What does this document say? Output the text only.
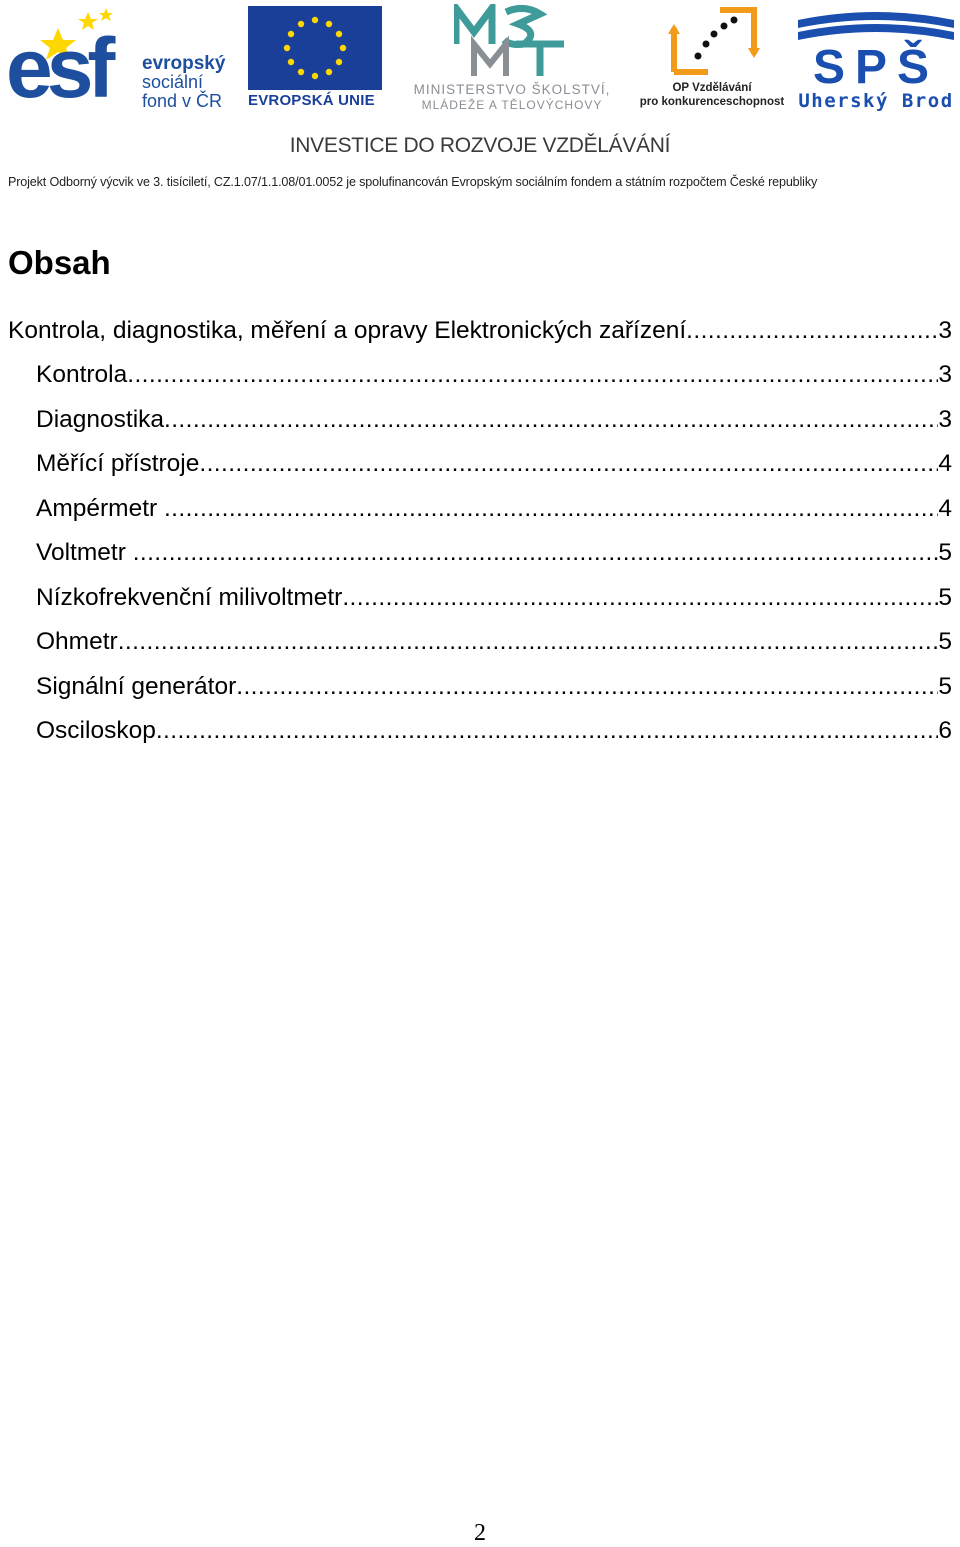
esf evropský
sociální
fond v ČR EVROPSKÁ UNIE
MINISTERSTVO ŠKOLSTVÍ,
MLÁDEŽE A TĚLOVÝCHOVY
OP Vzdělávání
pro konkurenceschopnost
SPŠ
Uherský Brod
INVESTICE DO ROZVOJE VZDĚLÁVÁNÍ
Projekt Odborný výcvik ve 3. tisíciletí, CZ.1.07/1.1.08/01.0052 je spolufinancován Evropským sociálním fondem a státním rozpočtem České republiky
Obsah
Kontrola, diagnostika, měření a opravy Elektronických zařízení .....	3
Kontrola .....	3
Diagnostika .....	3
Měřící přístroje .....	4
Ampérmetr .....	4
Voltmetr .....	5
Nízkofrekvenční milivoltmetr .....	5
Ohmetr .....	5
Signální generátor .....	5
Osciloskop .....	6
2
